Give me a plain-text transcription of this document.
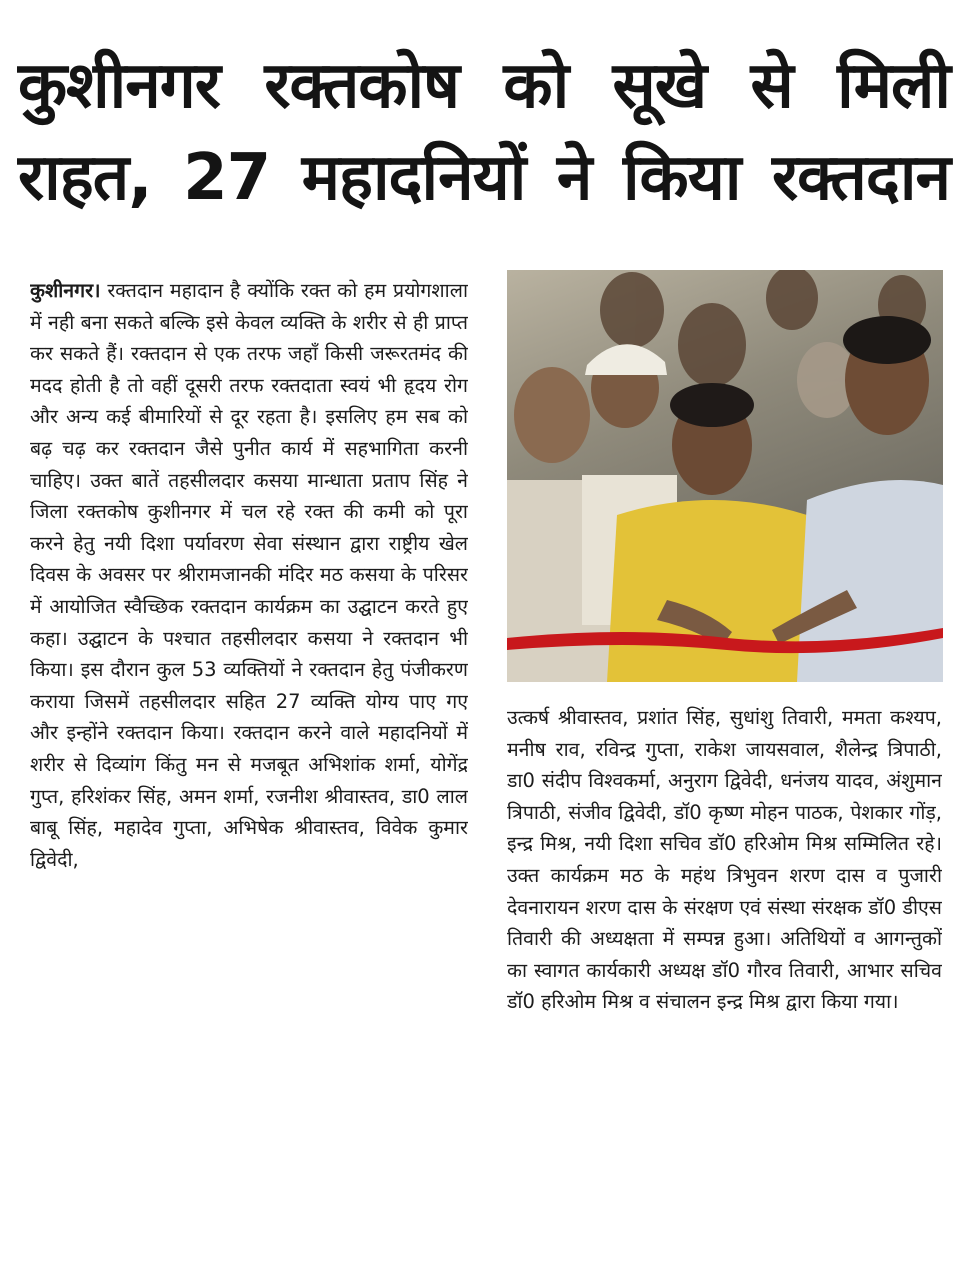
कुशीनगर रक्तकोष को सूखे से मिली राहत, 27 महादनियों ने किया रक्तदान

कुशीनगर। रक्तदान महादान है क्योंकि रक्त को हम प्रयोगशाला में नही बना सकते बल्कि इसे केवल व्यक्ति के शरीर से ही प्राप्त कर सकते हैं। रक्तदान से एक तरफ जहाँ किसी जरूरतमंद की मदद होती है तो वहीं दूसरी तरफ रक्तदाता स्वयं भी हृदय रोग और अन्य कई बीमारियों से दूर रहता है। इसलिए हम सब को बढ़ चढ़ कर रक्तदान जैसे पुनीत कार्य में सहभागिता करनी चाहिए। उक्त बातें तहसीलदार कसया मान्धाता प्रताप सिंह ने जिला रक्तकोष कुशीनगर में चल रहे रक्त की कमी को पूरा करने हेतु नयी दिशा पर्यावरण सेवा संस्थान द्वारा राष्ट्रीय खेल दिवस के अवसर पर श्रीरामजानकी मंदिर मठ कसया के परिसर में आयोजित स्वैच्छिक रक्तदान कार्यक्रम का उद्घाटन करते हुए कहा। उद्घाटन के पश्चात तहसीलदार कसया ने रक्तदान भी किया। इस दौरान कुल 53 व्यक्तियों ने रक्तदान हेतु पंजीकरण कराया जिसमें तहसीलदार सहित 27 व्यक्ति योग्य पाए गए और इन्होंने रक्तदान किया। रक्तदान करने वाले महादनियों में शरीर से दिव्यांग किंतु मन से मजबूत अभिशांक शर्मा, योगेंद्र गुप्त, हरिशंकर सिंह, अमन शर्मा, रजनीश श्रीवास्तव, डा0 लाल बाबू सिंह, महादेव गुप्ता, अभिषेक श्रीवास्तव, विवेक कुमार द्विवेदी,

उत्कर्ष श्रीवास्तव, प्रशांत सिंह, सुधांशु तिवारी, ममता कश्यप, मनीष राव, रविन्द्र गुप्ता, राकेश जायसवाल, शैलेन्द्र त्रिपाठी, डा0 संदीप विश्वकर्मा, अनुराग द्विवेदी, धनंजय यादव, अंशुमान त्रिपाठी, संजीव द्विवेदी, डॉ0 कृष्ण मोहन पाठक, पेशकार गोंड़, इन्द्र मिश्र, नयी दिशा सचिव डॉ0 हरिओम मिश्र सम्मिलित रहे। उक्त कार्यक्रम मठ के महंथ त्रिभुवन शरण दास व पुजारी देवनारायन शरण दास के संरक्षण एवं संस्था संरक्षक डॉ0 डीएस तिवारी की अध्यक्षता में सम्पन्न हुआ। अतिथियों व आगन्तुकों का स्वागत कार्यकारी अध्यक्ष डॉ0 गौरव तिवारी, आभार सचिव डॉ0 हरिओम मिश्र व संचालन इन्द्र मिश्र द्वारा किया गया।
